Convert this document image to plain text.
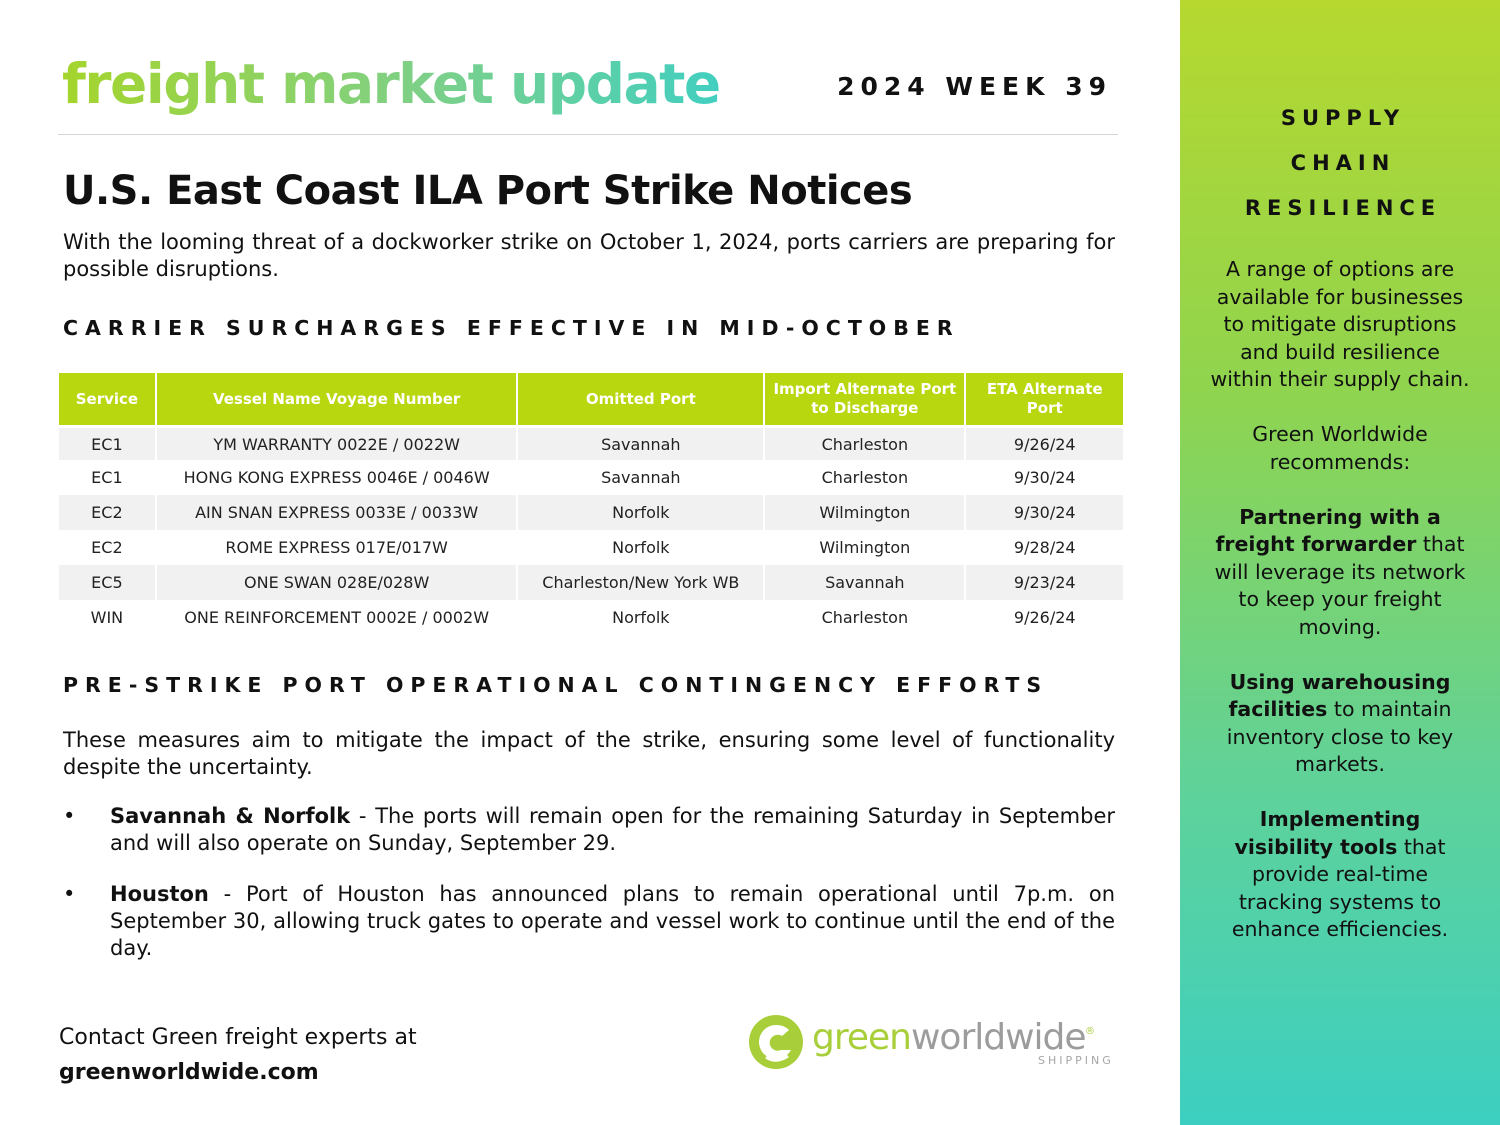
freight market update	2024 WEEK 39
U.S. East Coast ILA Port Strike Notices

With the looming threat of a dockworker strike on October 1, 2024, ports carriers are preparing for possible disruptions.

CARRIER SURCHARGES EFFECTIVE IN MID-OCTOBER
Service	Vessel Name Voyage Number	Omitted Port	Import Alternate Port to Discharge	ETA Alternate Port
EC1	YM WARRANTY 0022E / 0022W	Savannah	Charleston	9/26/24
EC1	HONG KONG EXPRESS 0046E / 0046W	Savannah	Charleston	9/30/24
EC2	AIN SNAN EXPRESS 0033E / 0033W	Norfolk	Wilmington	9/30/24
EC2	ROME EXPRESS 017E/017W	Norfolk	Wilmington	9/28/24
EC5	ONE SWAN 028E/028W	Charleston/New York WB	Savannah	9/23/24
WIN	ONE REINFORCEMENT 0002E / 0002W	Norfolk	Charleston	9/26/24
PRE-STRIKE PORT OPERATIONAL CONTINGENCY EFFORTS

These measures aim to mitigate the impact of the strike, ensuring some level of functionality despite the uncertainty.

• Savannah & Norfolk - The ports will remain open for the remaining Saturday in September and will also operate on Sunday, September 29.
• Houston - Port of Houston has announced plans to remain operational until 7p.m. on September 30, allowing truck gates to operate and vessel work to continue until the end of the day.
Contact Green freight experts at
greenworldwide.com
greenworldwide ®
SHIPPING
SUPPLY
CHAIN
RESILIENCE

A range of options are available for businesses to mitigate disruptions and build resilience within their supply chain.

Green Worldwide recommends:

Partnering with a freight forwarder that will leverage its network to keep your freight moving.

Using warehousing facilities to maintain inventory close to key markets.

Implementing visibility tools that provide real-time tracking systems to enhance efficiencies.
